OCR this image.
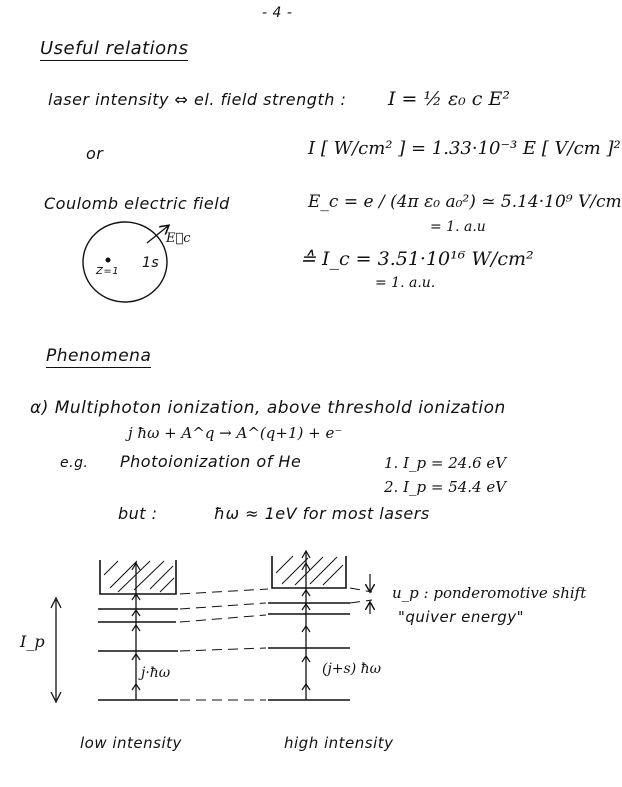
- 4 -
Useful relations
laser intensity ⇔ el. field strength : I = ½ ε₀ c E²
or	I [ W/cm² ] = 1.33·10⁻³ E [ V/cm ]²
Coulomb electric field	E_c = e / (4π ε₀ a₀²) ≃ 5.14·10⁹ V/cm
= 1. a.u
≙ I_c = 3.51·10¹⁶ W/cm²
= 1. a.u.
E⃗c
1s
Z=1
Phenomena
α) Multiphoton ionization, above threshold ionization
j ħω + A^q → A^(q+1) + e⁻
e.g. Photoionization of He	1. I_p = 24.6 eV
2. I_p = 54.4 eV
but :	ħω ≈ 1eV for most lasers
u_p : ponderomotive shift
"quiver energy"
I_p
j·ħω	(j+s) ħω
low intensity	high intensity
